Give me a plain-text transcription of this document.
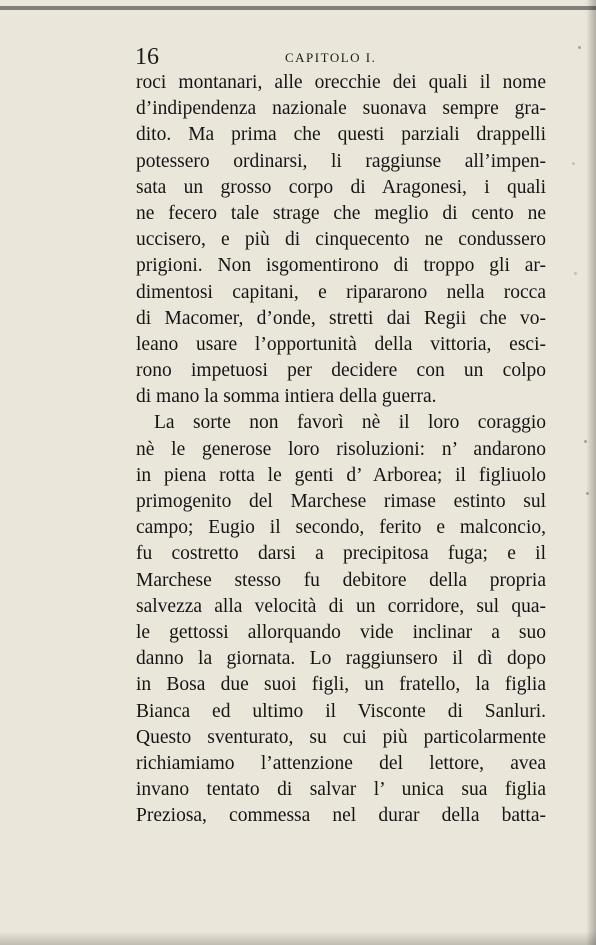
16	CAPITOLO I.
roci montanari, alle orecchie dei quali il nome
d’indipendenza nazionale suonava sempre gra-
dito. Ma prima che questi parziali drappelli
potessero ordinarsi, li raggiunse all’impen-
sata un grosso corpo di Aragonesi, i quali
ne fecero tale strage che meglio di cento ne
uccisero, e più di cinquecento ne condussero
prigioni. Non isgomentirono di troppo gli ar-
dimentosi capitani, e ripararono nella rocca
di Macomer, d’onde, stretti dai Regii che vo-
leano usare l’opportunità della vittoria, esci-
rono impetuosi per decidere con un colpo
di mano la somma intiera della guerra.
La sorte non favorì nè il loro coraggio
nè le generose loro risoluzioni: n’ andarono
in piena rotta le genti d’ Arborea; il figliuolo
primogenito del Marchese rimase estinto sul
campo; Eugio il secondo, ferito e malconcio,
fu costretto darsi a precipitosa fuga; e il
Marchese stesso fu debitore della propria
salvezza alla velocità di un corridore, sul qua-
le gettossi allorquando vide inclinar a suo
danno la giornata. Lo raggiunsero il dì dopo
in Bosa due suoi figli, un fratello, la figlia
Bianca ed ultimo il Visconte di Sanluri.
Questo sventurato, su cui più particolarmente
richiamiamo l’attenzione del lettore, avea
invano tentato di salvar l’ unica sua figlia
Preziosa, commessa nel durar della batta-
